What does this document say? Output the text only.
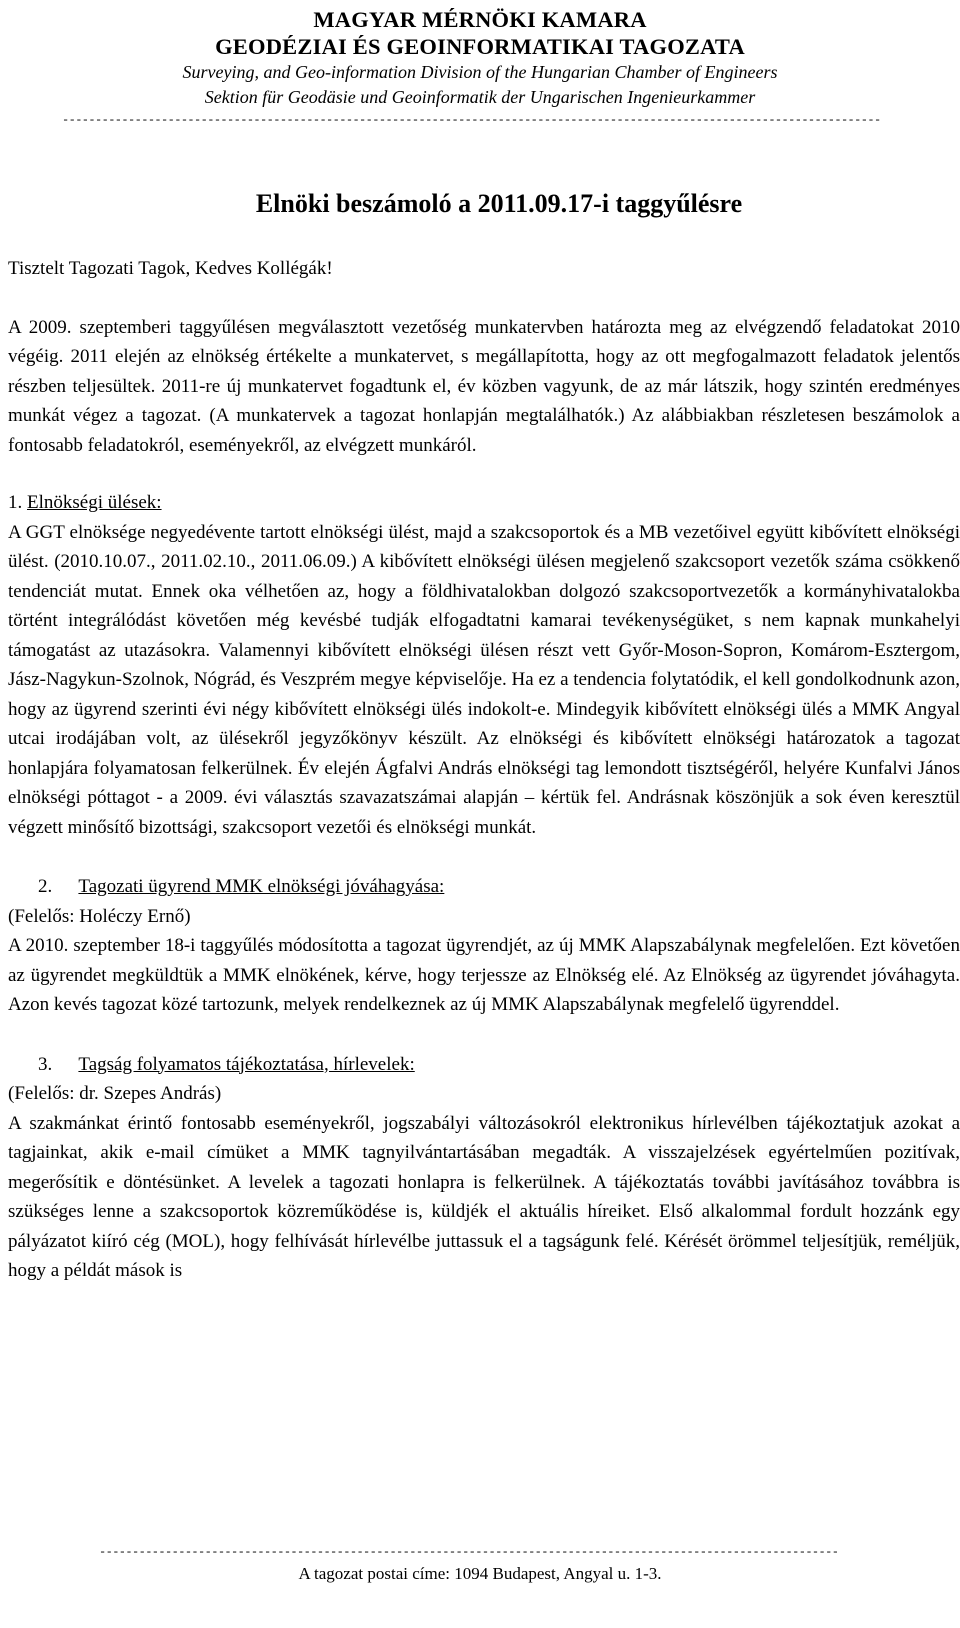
MAGYAR MÉRNÖKI KAMARA
GEODÉZIAI ÉS GEOINFORMATIKAI TAGOZATA
Surveying, and Geo-information Division of the Hungarian Chamber of Engineers
Sektion für Geodäsie und Geoinformatik der Ungarischen Ingenieurkammer
----------------------------------------------------------------------------------------------------------------------------
Elnöki beszámoló a 2011.09.17-i taggyűlésre

Tisztelt Tagozati Tagok, Kedves Kollégák!

A 2009. szeptemberi taggyűlésen megválasztott vezetőség munkatervben határozta meg az elvégzendő feladatokat 2010 végéig. 2011 elején az elnökség értékelte a munkatervet, s megállapította, hogy az ott megfogalmazott feladatok jelentős részben teljesültek. 2011-re új munkatervet fogadtunk el, év közben vagyunk, de az már látszik, hogy szintén eredményes munkát végez a tagozat. (A munkatervek a tagozat honlapján megtalálhatók.) Az alábbiakban részletesen beszámolok a fontosabb feladatokról, eseményekről, az elvégzett munkáról.

1. Elnökségi ülések:

A GGT elnöksége negyedévente tartott elnökségi ülést, majd a szakcsoportok és a MB vezetőivel együtt kibővített elnökségi ülést. (2010.10.07., 2011.02.10., 2011.06.09.) A kibővített elnökségi ülésen megjelenő szakcsoport vezetők száma csökkenő tendenciát mutat. Ennek oka vélhetően az, hogy a földhivatalokban dolgozó szakcsoportvezetők a kormányhivatalokba történt integrálódást követően még kevésbé tudják elfogadtatni kamarai tevékenységüket, s nem kapnak munkahelyi támogatást az utazásokra. Valamennyi kibővített elnökségi ülésen részt vett Győr-Moson-Sopron, Komárom-Esztergom, Jász-Nagykun-Szolnok, Nógrád, és Veszprém megye képviselője. Ha ez a tendencia folytatódik, el kell gondolkodnunk azon, hogy az ügyrend szerinti évi négy kibővített elnökségi ülés indokolt-e. Mindegyik kibővített elnökségi ülés a MMK Angyal utcai irodájában volt, az ülésekről jegyzőkönyv készült. Az elnökségi és kibővített elnökségi határozatok a tagozat honlapjára folyamatosan felkerülnek. Év elején Ágfalvi András elnökségi tag lemondott tisztségéről, helyére Kunfalvi János elnökségi póttagot - a 2009. évi választás szavazatszámai alapján – kértük fel. Andrásnak köszönjük a sok éven keresztül végzett minősítő bizottsági, szakcsoport vezetői és elnökségi munkát.

2. Tagozati ügyrend MMK elnökségi jóváhagyása:

(Felelős: Holéczy Ernő)

A 2010. szeptember 18-i taggyűlés módosította a tagozat ügyrendjét, az új MMK Alapszabálynak megfelelően. Ezt követően az ügyrendet megküldtük a MMK elnökének, kérve, hogy terjessze az Elnökség elé. Az Elnökség az ügyrendet jóváhagyta. Azon kevés tagozat közé tartozunk, melyek rendelkeznek az új MMK Alapszabálynak megfelelő ügyrenddel.

3. Tagság folyamatos tájékoztatása, hírlevelek:

(Felelős: dr. Szepes András)

A szakmánkat érintő fontosabb eseményekről, jogszabályi változásokról elektronikus hírlevélben tájékoztatjuk azokat a tagjainkat, akik e-mail címüket a MMK tagnyilvántartásában megadták. A visszajelzések egyértelműen pozitívak, megerősítik e döntésünket. A levelek a tagozati honlapra is felkerülnek. A tájékoztatás további javításához továbbra is szükséges lenne a szakcsoportok közreműködése is, küldjék el aktuális híreiket. Első alkalommal fordult hozzánk egy pályázatot kiíró cég (MOL), hogy felhívását hírlevélbe juttassuk el a tagságunk felé. Kérését örömmel teljesítjük, reméljük, hogy a példát mások is

----------------------------------------------------------------------------------------------------------------
A tagozat postai címe: 1094 Budapest, Angyal u. 1-3.
